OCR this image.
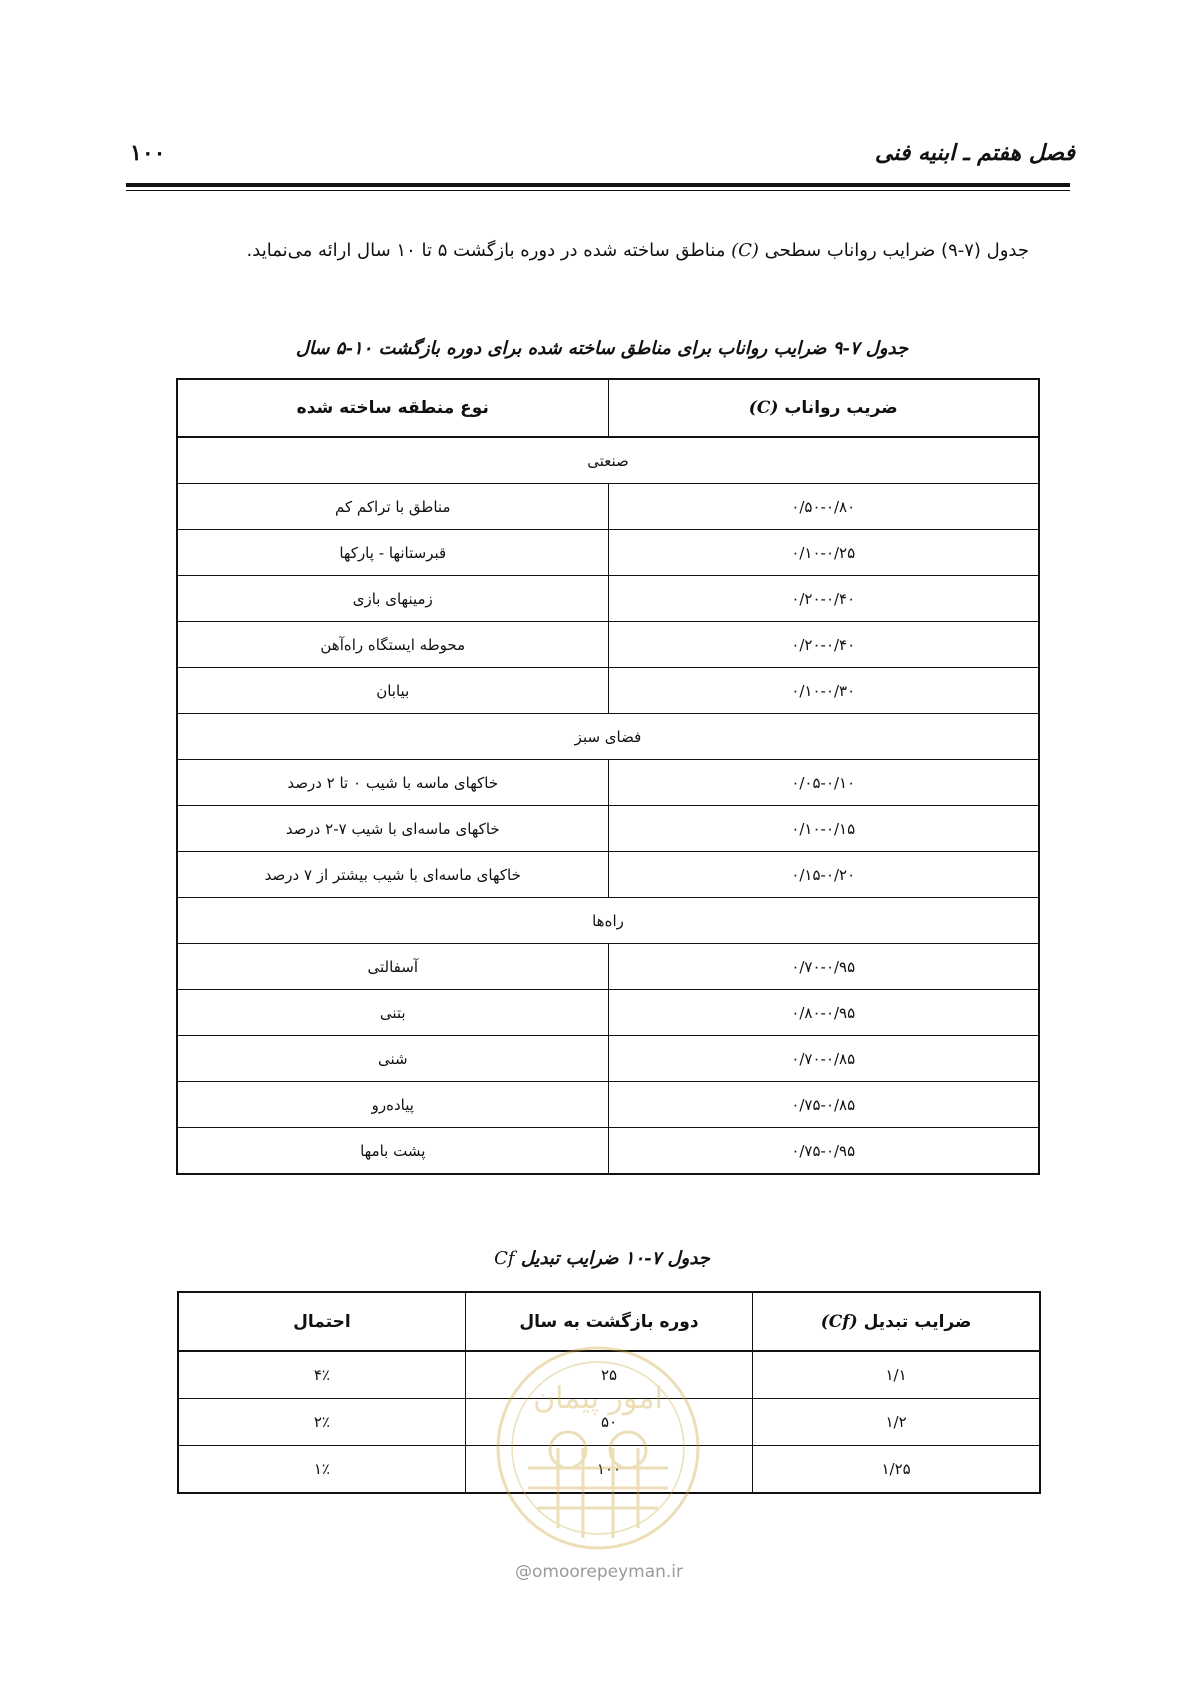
فصل هفتم ـ ابنیه فنی
۱۰۰
جدول (۷-۹) ضرایب رواناب سطحی (C) مناطق ساخته شده در دوره بازگشت ۵ تا ۱۰ سال ارائه می‌نماید.
جدول ۷-۹ ضرایب رواناب برای مناطق ساخته شده برای دوره بازگشت ۱۰-۵ سال
ضریب رواناب (C)	نوع منطقه ساخته شده
صنعتی	
۰/۵۰-۰/۸۰	مناطق با تراکم کم
۰/۱۰-۰/۲۵	قبرستانها - پارکها
۰/۲۰-۰/۴۰	زمینهای بازی
۰/۲۰-۰/۴۰	محوطه ایستگاه راه‌آهن
۰/۱۰-۰/۳۰	بیابان
فضای سبز	
۰/۰۵-۰/۱۰	خاکهای ماسه با شیب ۰ تا ۲ درصد
۰/۱۰-۰/۱۵	خاکهای ماسه‌ای با شیب ۷-۲ درصد
۰/۱۵-۰/۲۰	خاکهای ماسه‌ای با شیب بیشتر از ۷ درصد
راه‌ها	
۰/۷۰-۰/۹۵	آسفالتی
۰/۸۰-۰/۹۵	بتنی
۰/۷۰-۰/۸۵	شنی
۰/۷۵-۰/۸۵	پیاده‌رو
۰/۷۵-۰/۹۵	پشت بامها
جدول ۷-۱۰ ضرایب تبدیل Cf
ضرایب تبدیل (Cf)	دوره بازگشت به سال	احتمال
۱/۱	۲۵	۴٪
۱/۲	۵۰	۲٪
۱/۲۵	۱۰۰	۱٪
امور پیمان
@omoorepeyman.ir
